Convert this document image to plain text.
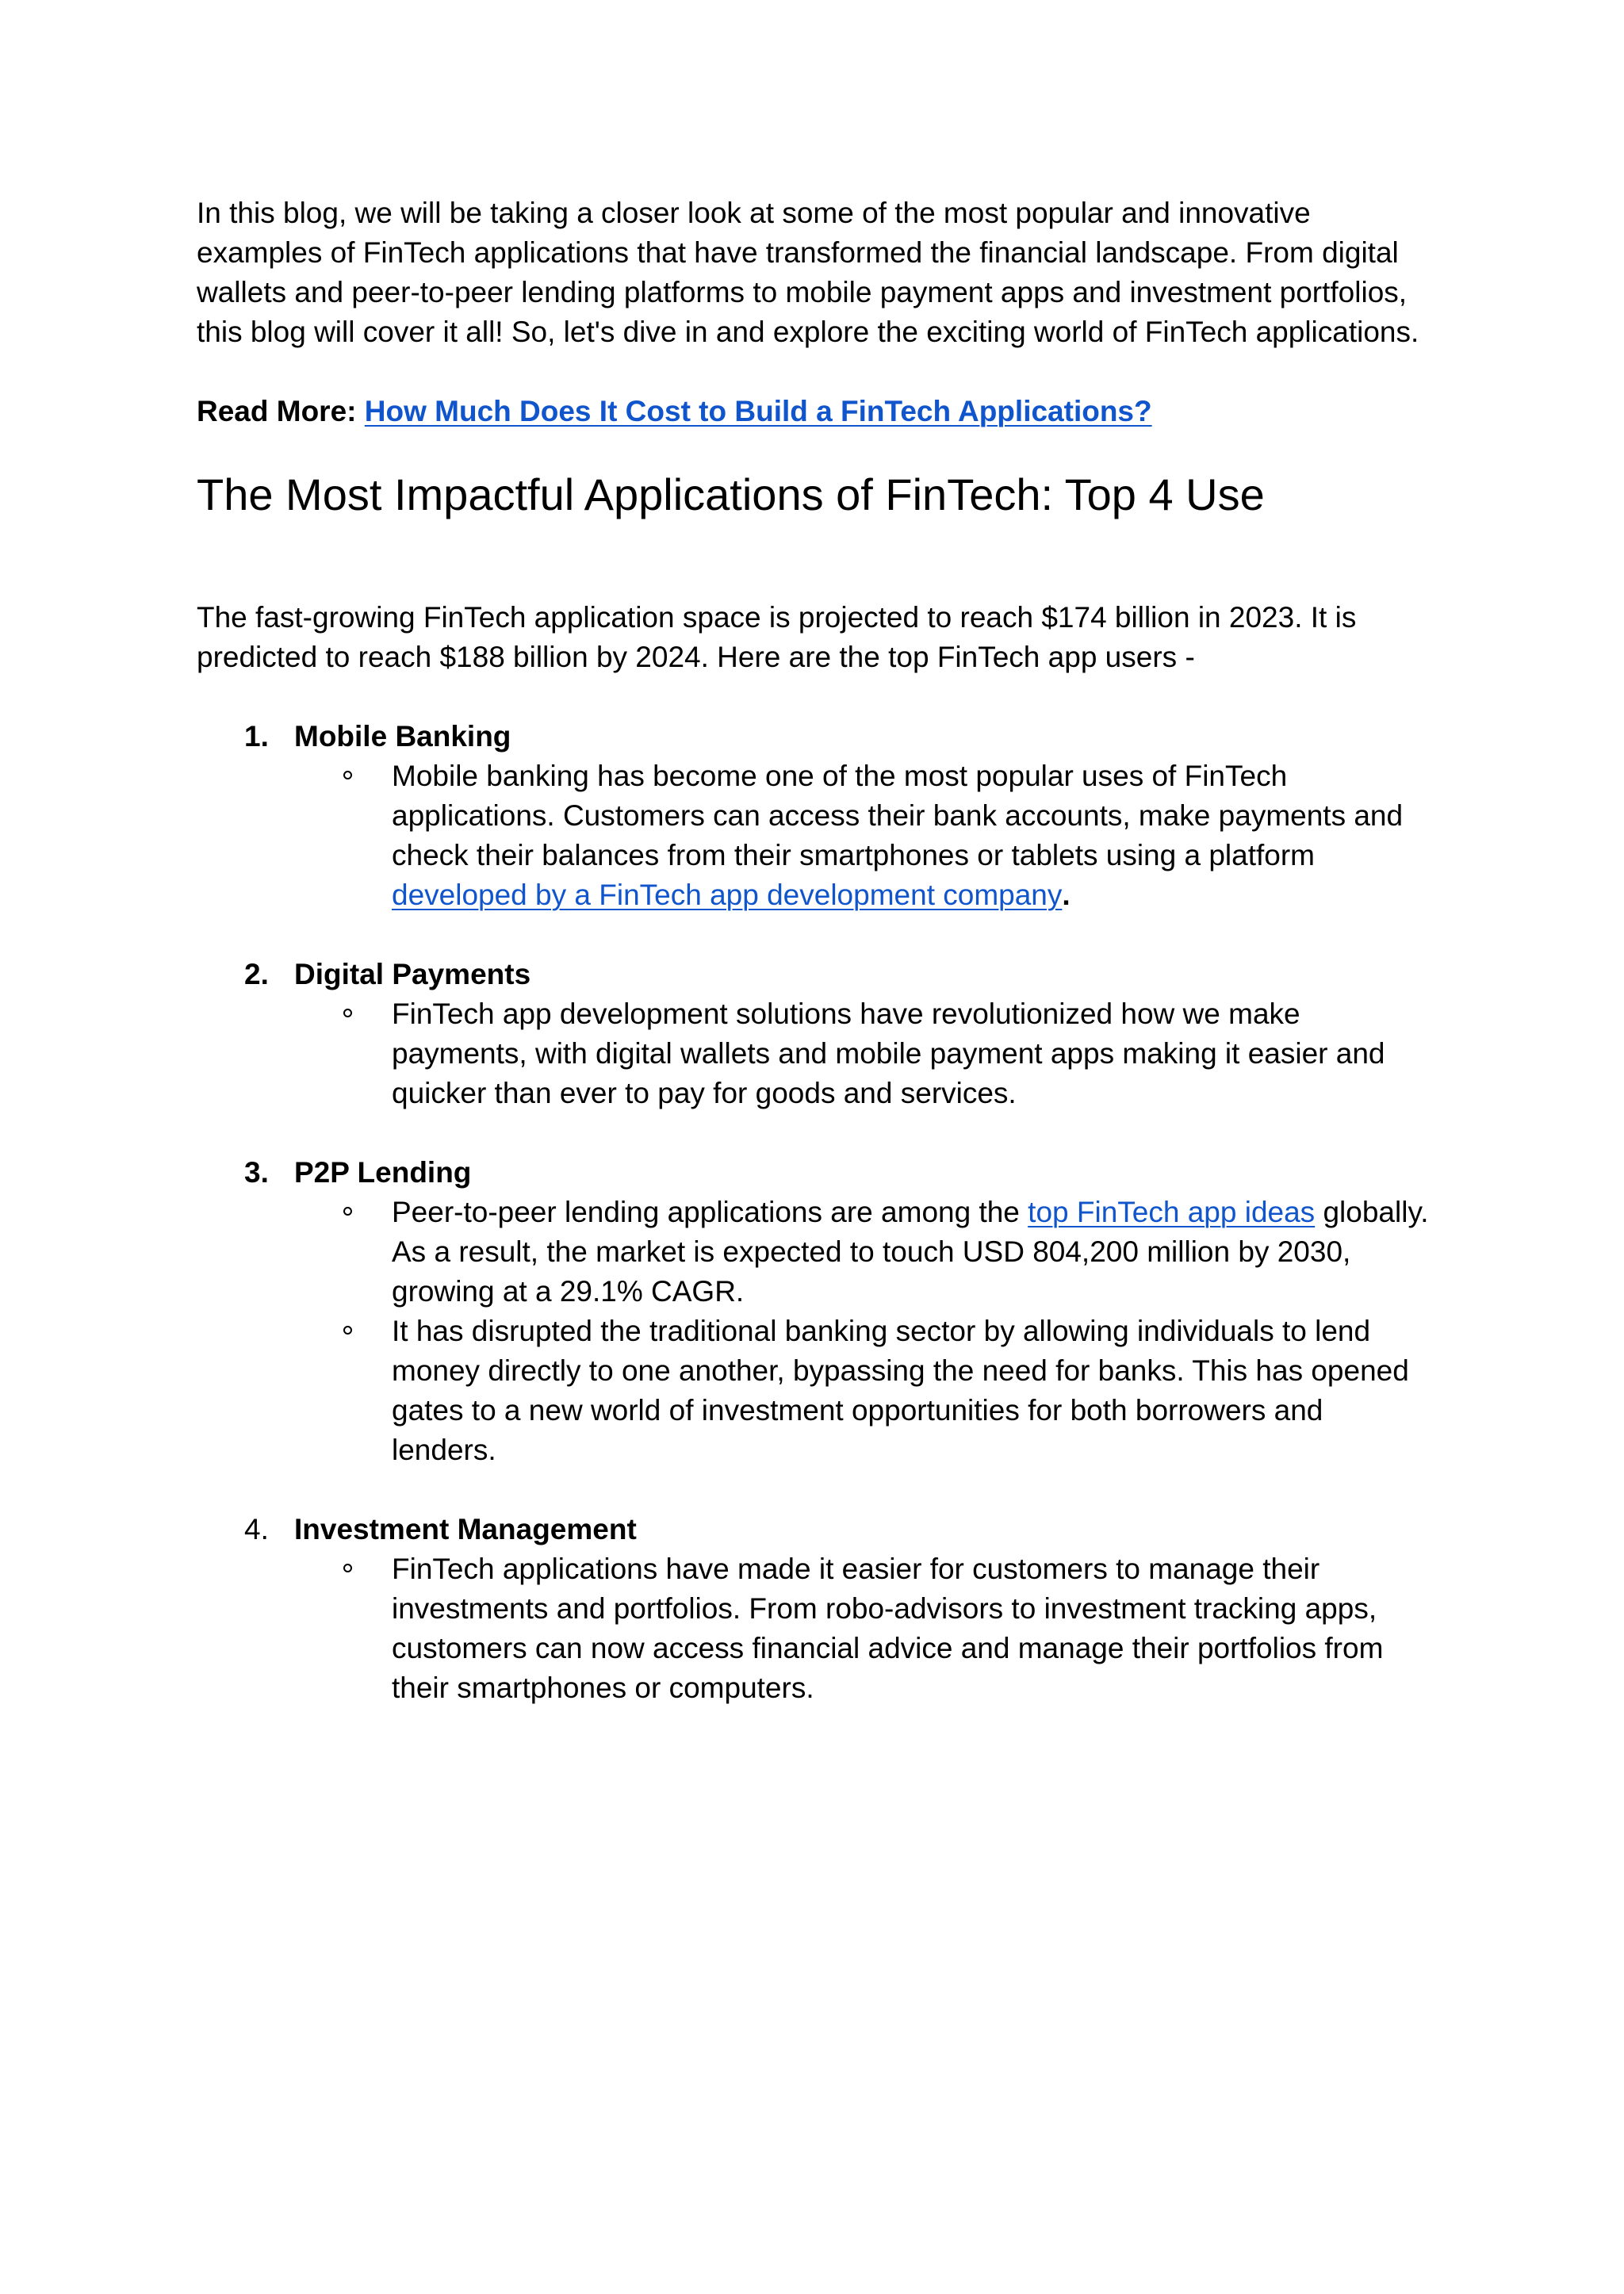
In this blog, we will be taking a closer look at some of the most popular and innovative examples of FinTech applications that have transformed the financial landscape. From digital wallets and peer-to-peer lending platforms to mobile payment apps and investment portfolios, this blog will cover it all! So, let's dive in and explore the exciting world of FinTech applications.

Read More: How Much Does It Cost to Build a FinTech Applications?
The Most Impactful Applications of FinTech: Top 4 Use

The fast-growing FinTech application space is projected to reach $174 billion in 2023. It is predicted to reach $188 billion by 2024. Here are the top FinTech app users -

1. Mobile Banking
Mobile banking has become one of the most popular uses of FinTech applications. Customers can access their bank accounts, make payments and check their balances from their smartphones or tablets using a platform developed by a FinTech app development company.
2. Digital Payments
FinTech app development solutions have revolutionized how we make payments, with digital wallets and mobile payment apps making it easier and quicker than ever to pay for goods and services.
3. P2P Lending
Peer-to-peer lending applications are among the top FinTech app ideas globally. As a result, the market is expected to touch USD 804,200 million by 2030, growing at a 29.1% CAGR.
It has disrupted the traditional banking sector by allowing individuals to lend money directly to one another, bypassing the need for banks. This has opened gates to a new world of investment opportunities for both borrowers and lenders.
4. Investment Management
FinTech applications have made it easier for customers to manage their investments and portfolios. From robo-advisors to investment tracking apps, customers can now access financial advice and manage their portfolios from their smartphones or computers.
